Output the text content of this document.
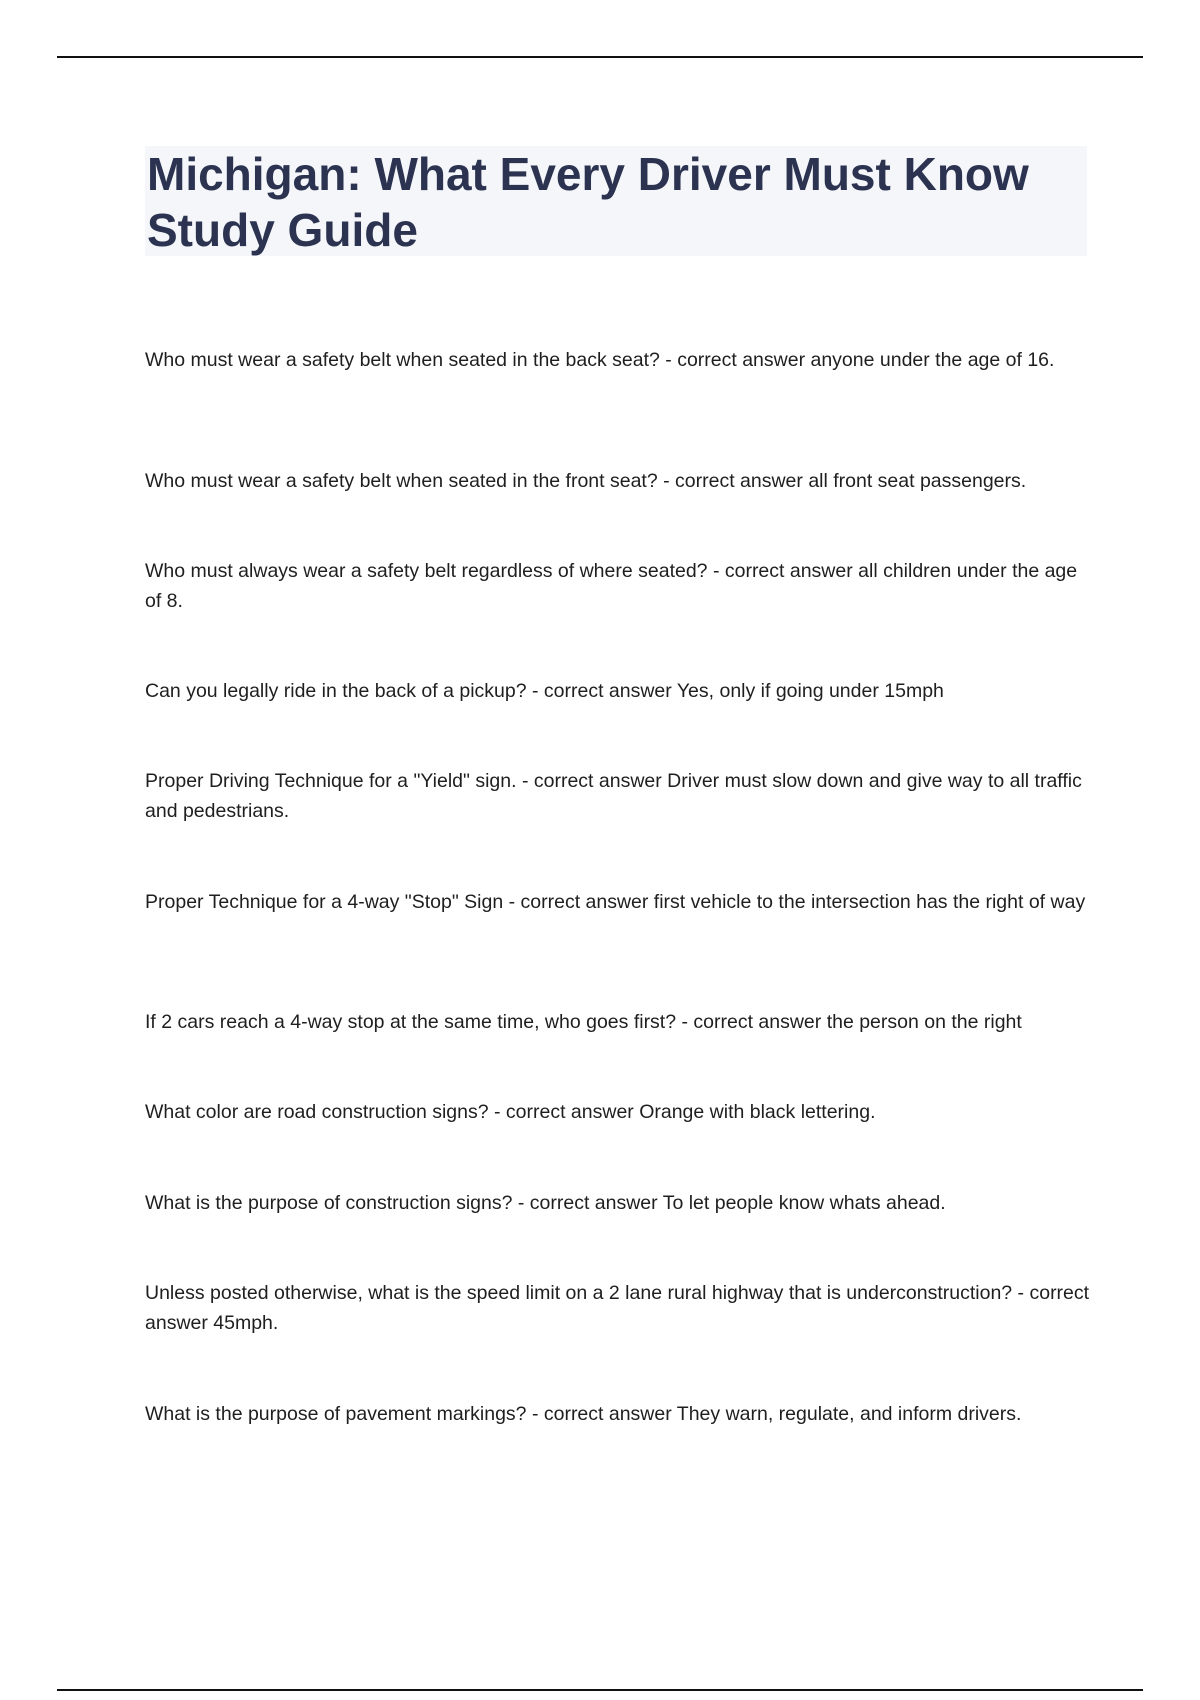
Michigan: What Every Driver Must Know Study Guide

Who must wear a safety belt when seated in the back seat? - correct answer anyone under the age of 16.

Who must wear a safety belt when seated in the front seat? - correct answer all front seat passengers.

Who must always wear a safety belt regardless of where seated? - correct answer all children under the age of 8.

Can you legally ride in the back of a pickup? - correct answer Yes, only if going under 15mph

Proper Driving Technique for a "Yield" sign. - correct answer Driver must slow down and give way to all traffic and pedestrians.

Proper Technique for a 4-way "Stop" Sign - correct answer first vehicle to the intersection has the right of way

If 2 cars reach a 4-way stop at the same time, who goes first? - correct answer the person on the right

What color are road construction signs? - correct answer Orange with black lettering.

What is the purpose of construction signs? - correct answer To let people know whats ahead.

Unless posted otherwise, what is the speed limit on a 2 lane rural highway that is underconstruction? - correct answer 45mph.

What is the purpose of pavement markings? - correct answer They warn, regulate, and inform drivers.
